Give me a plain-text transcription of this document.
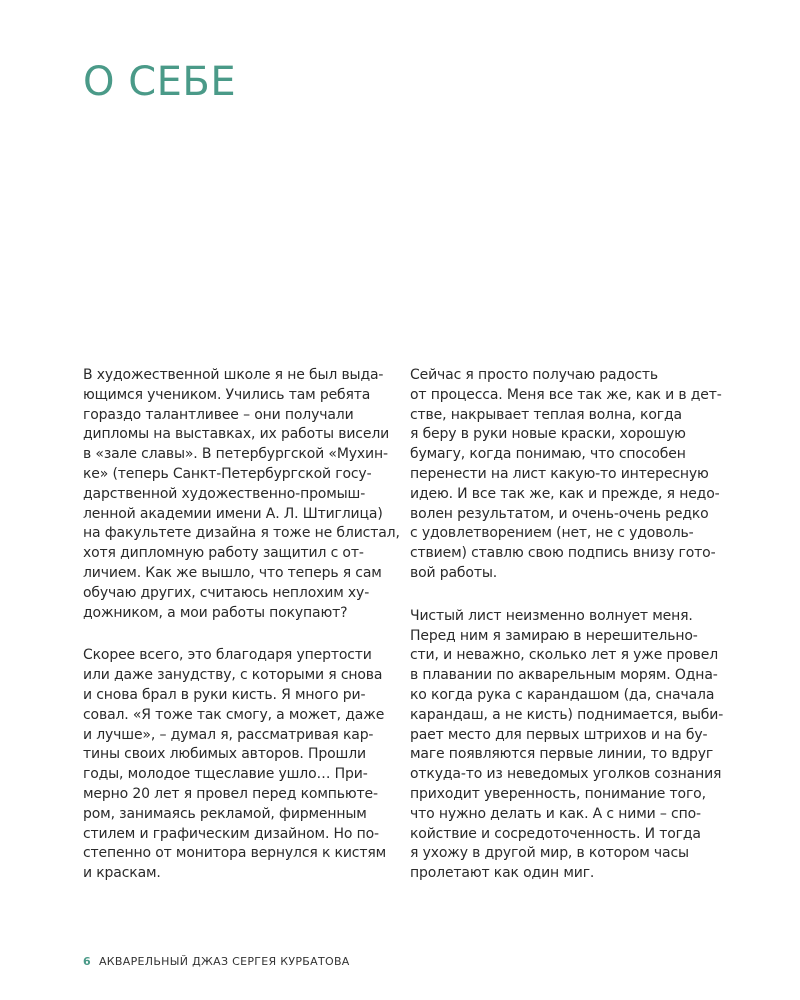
О СЕБЕ

В художественной школе я не был выда-
ющимся учеником. Учились там ребята
гораздо талантливее – они получали
дипломы на выставках, их работы висели
в «зале славы». В петербургской «Мухин-
ке» (теперь Санкт-Петербургской госу-
дарственной художественно-промыш-
ленной академии имени А. Л. Штиглица)
на факультете дизайна я тоже не блистал,
хотя дипломную работу защитил с от-
личием. Как же вышло, что теперь я сам
обучаю других, считаюсь неплохим ху-
дожником, а мои работы покупают?

Скорее всего, это благодаря упертости
или даже занудству, с которыми я снова
и снова брал в руки кисть. Я много ри-
совал. «Я тоже так смогу, а может, даже
и лучше», – думал я, рассматривая кар-
тины своих любимых авторов. Прошли
годы, молодое тщеславие ушло… При-
мерно 20 лет я провел перед компьюте-
ром, занимаясь рекламой, фирменным
стилем и графическим дизайном. Но по-
степенно от монитора вернулся к кистям
и краскам.

Сейчас я просто получаю радость
от процесса. Меня все так же, как и в дет-
стве, накрывает теплая волна, когда
я беру в руки новые краски, хорошую
бумагу, когда понимаю, что способен
перенести на лист какую-то интересную
идею. И все так же, как и прежде, я недо-
волен результатом, и очень-очень редко
с удовлетворением (нет, не с удоволь-
ствием) ставлю свою подпись внизу гото-
вой работы.

Чистый лист неизменно волнует меня.
Перед ним я замираю в нерешительно-
сти, и неважно, сколько лет я уже провел
в плавании по акварельным морям. Одна-
ко когда рука с карандашом (да, сначала
карандаш, а не кисть) поднимается, выби-
рает место для первых штрихов и на бу-
маге появляются первые линии, то вдруг
откуда-то из неведомых уголков сознания
приходит уверенность, понимание того,
что нужно делать и как. А с ними – спо-
койствие и сосредоточенность. И тогда
я ухожу в другой мир, в котором часы
пролетают как один миг.

6 АКВАРЕЛЬНЫЙ ДЖАЗ СЕРГЕЯ КУРБАТОВА
